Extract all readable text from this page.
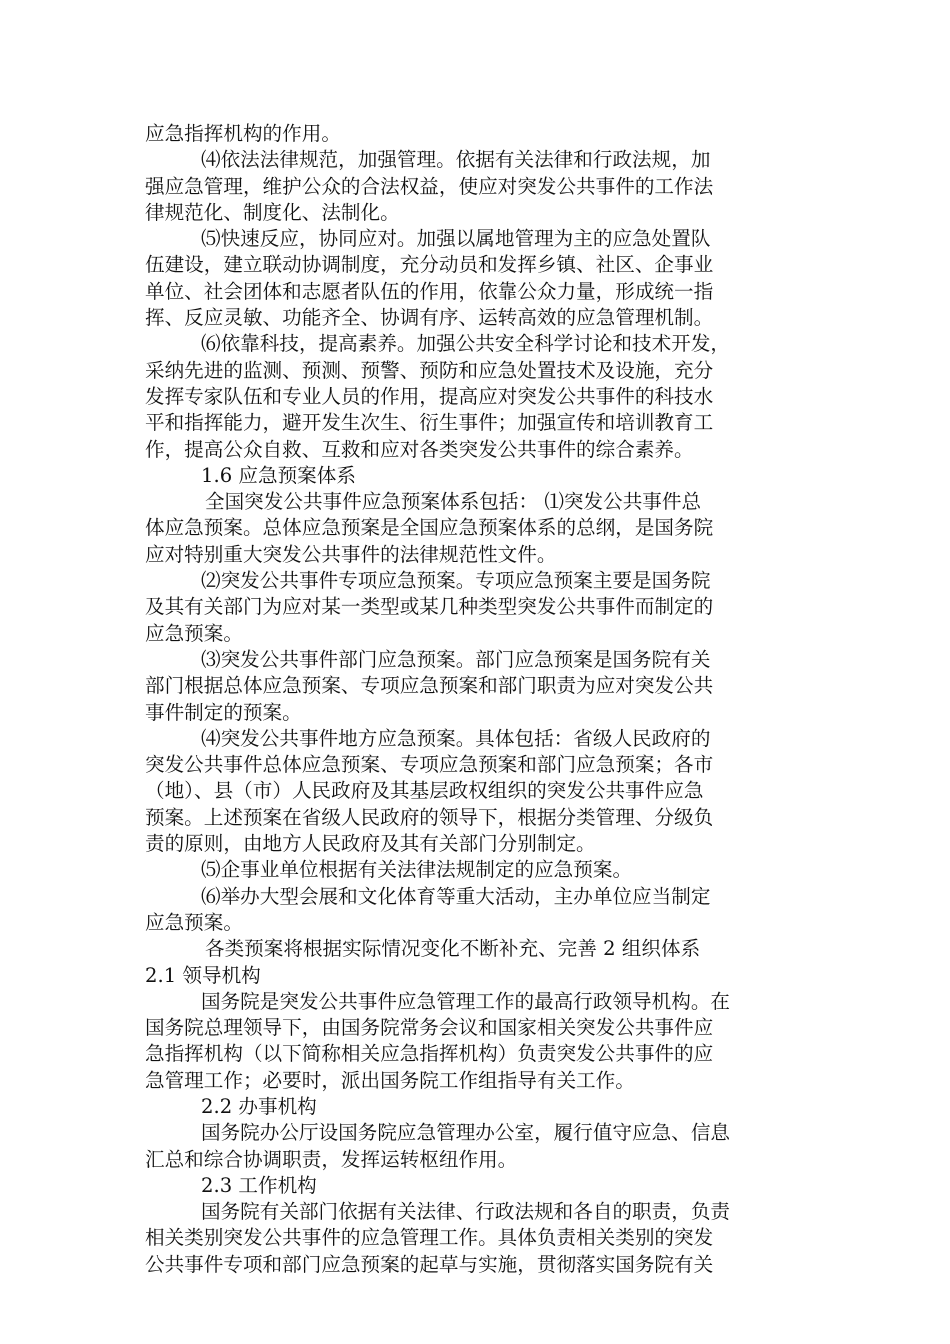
应急指挥机构的作用。
⑷依法法律规范，加强管理。依据有关法律和行政法规，加
强应急管理，维护公众的合法权益，使应对突发公共事件的工作法
律规范化、制度化、法制化。
⑸快速反应，协同应对。加强以属地管理为主的应急处置队
伍建设，建立联动协调制度，充分动员和发挥乡镇、社区、企事业
单位、社会团体和志愿者队伍的作用，依靠公众力量，形成统一指
挥、反应灵敏、功能齐全、协调有序、运转高效的应急管理机制。
⑹依靠科技，提高素养。加强公共安全科学讨论和技术开发，
采纳先进的监测、预测、预警、预防和应急处置技术及设施，充分
发挥专家队伍和专业人员的作用，提高应对突发公共事件的科技水
平和指挥能力，避开发生次生、衍生事件；加强宣传和培训教育工
作，提高公众自救、互救和应对各类突发公共事件的综合素养。
1.6 应急预案体系
全国突发公共事件应急预案体系包括： ⑴突发公共事件总
体应急预案。总体应急预案是全国应急预案体系的总纲，是国务院
应对特别重大突发公共事件的法律规范性文件。
⑵突发公共事件专项应急预案。专项应急预案主要是国务院
及其有关部门为应对某一类型或某几种类型突发公共事件而制定的
应急预案。
⑶突发公共事件部门应急预案。部门应急预案是国务院有关
部门根据总体应急预案、专项应急预案和部门职责为应对突发公共
事件制定的预案。
⑷突发公共事件地方应急预案。具体包括：省级人民政府的
突发公共事件总体应急预案、专项应急预案和部门应急预案；各市
（地）、县（市）人民政府及其基层政权组织的突发公共事件应急
预案。上述预案在省级人民政府的领导下，根据分类管理、分级负
责的原则，由地方人民政府及其有关部门分别制定。
⑸企事业单位根据有关法律法规制定的应急预案。
⑹举办大型会展和文化体育等重大活动，主办单位应当制定
应急预案。
各类预案将根据实际情况变化不断补充、完善 2 组织体系
2.1 领导机构
国务院是突发公共事件应急管理工作的最高行政领导机构。在
国务院总理领导下，由国务院常务会议和国家相关突发公共事件应
急指挥机构（以下简称相关应急指挥机构）负责突发公共事件的应
急管理工作；必要时，派出国务院工作组指导有关工作。
2.2 办事机构
国务院办公厅设国务院应急管理办公室，履行值守应急、信息
汇总和综合协调职责，发挥运转枢纽作用。
2.3 工作机构
国务院有关部门依据有关法律、行政法规和各自的职责，负责
相关类别突发公共事件的应急管理工作。具体负责相关类别的突发
公共事件专项和部门应急预案的起草与实施，贯彻落实国务院有关
